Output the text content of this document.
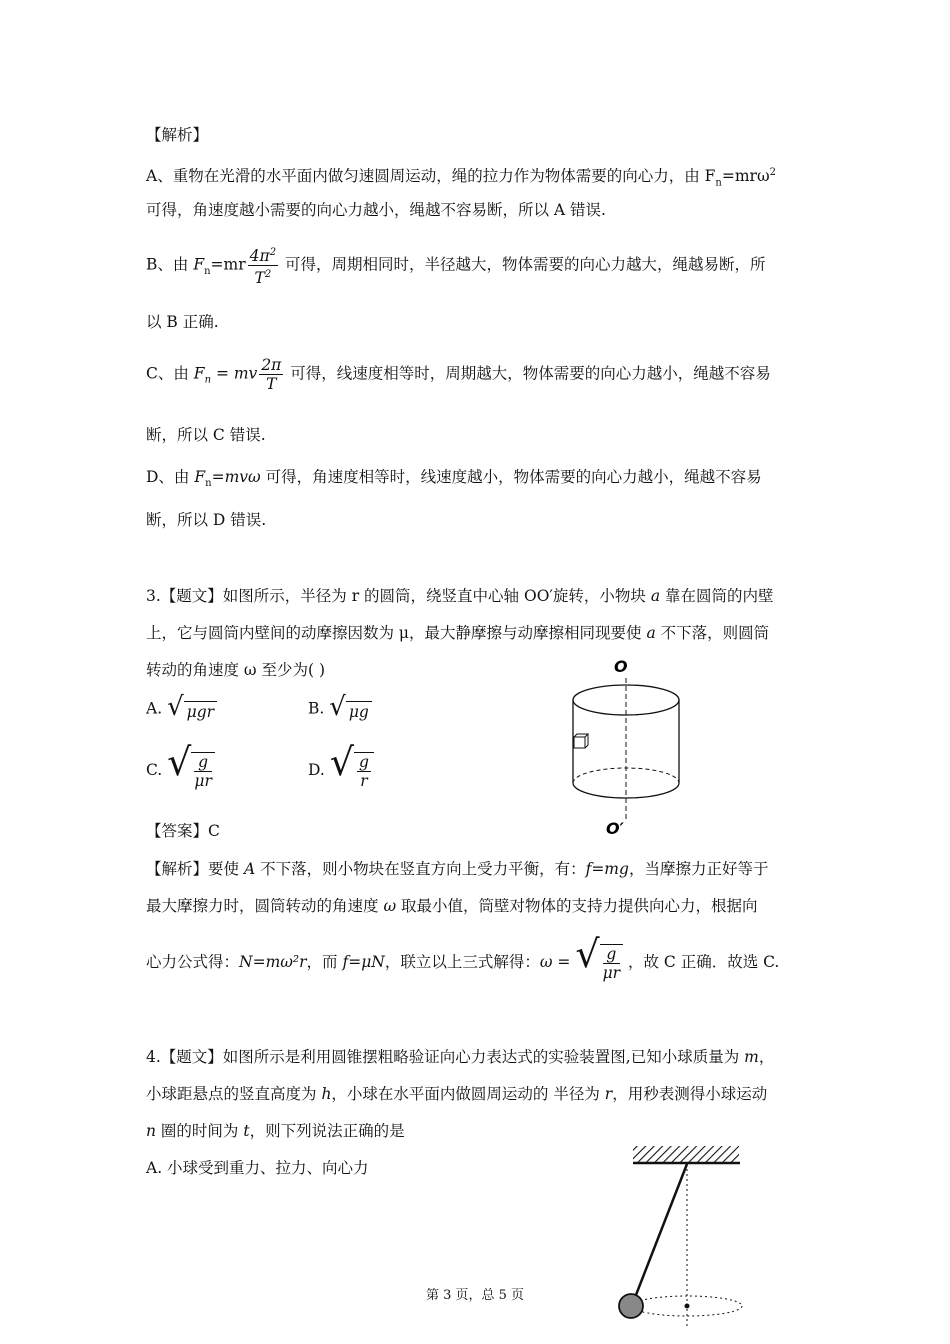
【解析】
A、重物在光滑的水平面内做匀速圆周运动，绳的拉力作为物体需要的向心力，由 $F_n=mr\omega^2$
可得，角速度越小需要的向心力越小，绳越不容易断，所以 A 错误.
B、由 $F_n=mr \frac{4\pi^2}{T^2}$ 可得，周期相同时，半径越大，物体需要的向心力越大，绳越易断，所
以 B 正确.
C、由 $F_n$ = mv $\frac{2\pi}{T}$ 可得，线速度相等时，周期越大，物体需要的向心力越小，绳越不容易
断，所以 C 错误.
D、由 $F_n=mv\omega$ 可得，角速度相等时，线速度越小，物体需要的向心力越小，绳越不容易
断，所以 D 错误.
3.【题文】如图所示，半径为 r 的圆筒，绕竖直中心轴 OO′旋转，小物块 a 靠在圆筒的内壁
上，它与圆筒内壁间的动摩擦因数为 μ，最大静摩擦与动摩擦相同现要使 a 不下落，则圆筒
转动的角速度 ω 至少为( )
A. √ μgr	B. √ μg
C. √ $\frac{g}{\mu r}$	D. √ $\frac{g}{r}$
【答案】C
【解析】要使 A 不下落，则小物块在竖直方向上受力平衡，有：f=mg，当摩擦力正好等于
最大摩擦力时，圆筒转动的角速度 ω 取最小值，筒壁对物体的支持力提供向心力，根据向
心力公式得：N=mω²r，而 f=μN，联立以上三式解得：ω = √ $\frac{g}{\mu r}$ ，故 C 正确．故选 C.
O
O′
4.【题文】如图所示是利用圆锥摆粗略验证向心力表达式的实验装置图,已知小球质量为 m，
小球距悬点的竖直高度为 h，小球在水平面内做圆周运动的 半径为 r，用秒表测得小球运动
n 圈的时间为 t，则下列说法正确的是
A. 小球受到重力、拉力、向心力
第 3 页，总 5 页
